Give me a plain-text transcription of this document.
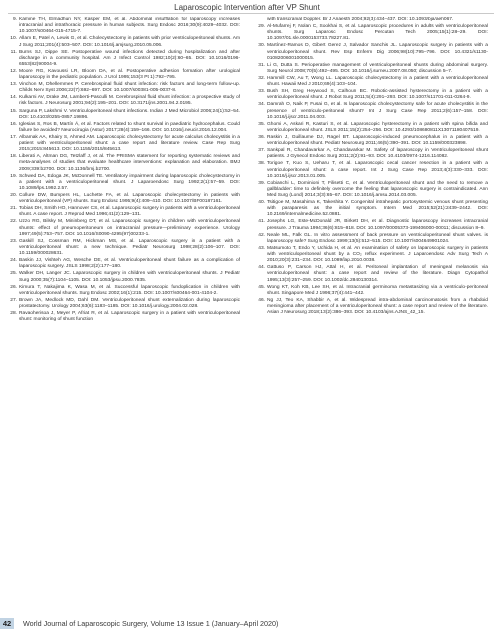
Laparoscopic Intervention after VP Shunt
9. Kamine TH, Elmadhun NY, Kasper EM, et al. Abdominal insufflation for laparoscopy increases intracranial and intrathoracic pressure in human subjects. Surg Endosc 2016;30(9):4029–4032. DOI: 10.1007/s00464-015-4715-7.
10. Allam E, Patel A, Lewis G, et al. Cholecystectomy in patients with prior ventriculoperitoneal shunts. Am J Surg 2011;201(4):503–507. DOI: 10.1016/j.amjsurg.2010.05.006.
11. Burns SJ, Dippe SE. Postoperative wound infections detected during hospitalization and after discharge in a community hospital. Am J Infect Control 1982;10(2):60–65. DOI: 10.1016/0196-6553(82)90004-9.
12. Moore RG, Kavoussi LR, Bloom DA, et al. Postoperative adhesion formation after urological laparoscopy in the pediatric population. J Urol 1995;153(3 Pt 1):792–795.
13. Vinchon M, Dhellemmes P. Cerebrospinal fluid shunt infection: risk factors and long-term follow-up. Childs Nerv Syst 2006;22(7):692–697. DOI: 10.1007/s00381-005-0037-8.
14. Kulkarni AV, Drake JM, Lamberti-Pasculli M. Cerebrospinal fluid shunt infection: a prospective study of risk factors. J Neurosurg 2001;94(2):195–201. DOI: 10.3171/jns.2001.94.2.0195.
15. Sarguna P, Lakshmi V. Ventriculoperitoneal shunt infections. Indian J Med Microbiol 2006;24(1):52–54. DOI: 10.4103/0255-0857.19896.
16. Iglesias S, Ros B, Martín Á, et al. Factors related to shunt survival in paediatric hydrocephalus. Could failure be avoided? Neurocirugia (Astur) 2017;28(4):159–166. DOI: 10.1016/j.neucir.2016.12.004.
17. Albamak AA, Khairy S, Ahmed AM. Laparoscopic cholecystectomy for acute calculus cholecystitis in a patient with ventriculoperitoneal shunt: a case report and literature review. Case Rep Surg 2015;2015:845613. DOI: 10.1155/2015/845613.
18. Liberati A, Altman DG, Tetzlaff J, et al. The PRISMA statement for reporting systematic reviews and meta-analyses of studies that evaluate healthcare interventions: explanation and elaboration. BMJ 2009;339:b2700. DOI: 10.1136/bmj.b2700.
19. Schwed DA, Edoga JK, McDonnell TE. Ventilatory impairment during laparoscopic cholecystectomy in a patient with a ventriculoperitoneal shunt. J Laparoendosc Surg 1992;2(1):57–59. DOI: 10.1089/lps.1992.2.57.
20. Collure DW, Bumpers HL, Luchette FA, et al. Laparoscopic cholecystectomy in patients with ventriculoperitoneal (VP) shunts. Surg Endosc 1995;9(4):409–410. DOI: 10.1007/BF00187161.
21. Tobias DH, Smith HO, Hannover CS, et al. Laparoscopic surgery in patients with a ventriculoperitoneal shunt. A case report. J Reprod Med 1996;41(2):129–131.
22. Uzzo RG, Bilsky M, Mininberg DT, et al. Laparoscopic surgery in children with ventriculoperitoneal shunts: effect of pneumoperitoneum on intracranial pressure—preliminary experience. Urology 1997;49(5):753–757. DOI: 10.1016/S0090-4295(97)00233-1.
23. Gaskill SJ, Cossman RM, Hickman MS, et al. Laparoscopic surgery in a patient with a ventriculoperitoneal shunt: a new technique. Pediatr Neurosurg 1998;28(2):106–107. DOI: 10.1159/000028631.
24. Baskin JJ, Vishteh AG, Wesche DE, et al. Ventriculoperitoneal shunt failure as a complication of laparoscopic surgery. JSLS 1998;2(2):177–180.
25. Walker DH, Langer JC. Laparoscopic surgery in children with ventriculoperitoneal shunts. J Pediatr Surg 2000;35(7):1104–1105. DOI: 10.1053/jpsu.2000.7835.
26. Kimura T, Nakajima K, Wasa M, et al. Successful laparoscopic fundoplication in children with ventriculoperitoneal shunts. Surg Endosc 2002;16(1):215. DOI: 10.1007/s00464-001-4104-2.
27. Brown JA, Medlock MD, Dahl DM. Ventriculoperitoneal shunt externalization during laparoscopic prostatectomy. Urology 2004;63(6):1183–1185. DOI: 10.1016/j.urology.2004.02.028.
28. Ravaoherisoa J, Meyer P, Afriat R, et al. Laparoscopic surgery in a patient with ventriculoperitoneal shunt: monitoring of shunt function
with transcranial Doppler. Br J Anaesth 2004;92(3):434–437. DOI: 10.1093/bja/aeh067.
29. Al-Mufarrej F, Nolan C, Sookhai S, et al. Laparoscopic procedures in adults with ventriculoperitoneal shunts. Surg Laparosc Endosc Percutan Tech 2005;15(1):28–29. DOI: 10.1097/01.sle.0000153733.78227.81.
30. Martínez-Ramos D, Gibert Gerez J, Salvador Sanchis JL. Laparoscopic surgery in patients with a ventriculoperitoneal shunt. Rev Esp Enferm Dig 2006;98(10):795–796. DOI: 10.4321/s1130-01082006001000015.
31. Li G, Dutta S. Perioperative management of ventriculoperitoneal shunts during abdominal surgery. Surg Neurol 2008;70(5):492–495. DOI: 10.1016/j.surneu.2007.08.050; discussion 5–7.
32. Hammill CW, Au T, Wong LL. Laparoscopic cholecystectomy in a patient with a ventriculoperitoneal shunt. Hawaii Med J 2010;69(4):103–104.
33. Bush SH, Greg Heywood S, Calhoun BC. Robotic-assisted hysterectomy in a patient with a ventriculoperitoneal shunt. J Robot Surg 2011;5(4):291–293. DOI: 10.1007/s11701-011-0264-9.
34. Damrah O, Naik P, Fusai G, et al. Is laparoscopic cholecystectomy safe for acute cholecystitis in the presence of ventriculo-peritoneal shunt? Int J Surg Case Rep 2011;2(6):157–158. DOI: 10.1016/j.ijscr.2011.04.003.
35. Ghomi A, Askari R, Kasturi S, et al. Laparoscopic hysterectomy in a patient with spina bifida and ventriculoperitoneal shunt. JSLS 2011;15(2):254–256. DOI: 10.4293/108680811X13071180407519.
36. Raskin J, Guillaume DJ, Ragel BT. Laparoscopic-induced pneumocephalus in a patient with a ventriculoperitoneal shunt. Pediatr Neurosurg 2011;46(5):390–391. DOI: 10.1159/000323898.
37. Sankpal R, Chandavarkar A, Chandavarkar M. Safety of laparoscopy in Ventriculoperitoneal shunt patients. J Gynecol Endosc Surg 2011;2(2):91–93. DOI: 10.4103/0974-1216.114082.
38. Torigoe T, Kuo S, Ueharu T, et al. Laparoscopic cecal cancer resection in a patient with a ventriculoperitoneal shunt: a case report. Int J Surg Case Rep 2013;4(3):330–333. DOI: 10.1016/j.ijscr.2013.01.005.
39. Cobianchi L, Dominioni T, Filisetti C, et al. Ventriculoperitoneal shunt and the need to remove a gallbladder: time to definitely overcome the feeling that laparoscopic surgery is contraindicated. Ann Med Surg (Lond) 2014;3(3):65–67. DOI: 10.1016/j.amsu.2014.03.005.
40. Tsitigoe M, Masahima K, Takeshita Y. Congenital intrahepatic portosystemic venous shunt presenting with paraparesis as the initial symptom. Intern Med 2015;52(21):2439–2442. DOI: 10.2169/internalmedicine.52.0881.
41. Josephs LG, Este-McDonald JR, Birkett DH, et al. Diagnostic laparoscopy increases intracranial pressure. J Trauma 1994;36(6):815–818. DOI: 10.1097/00005373-199406000-00011; discussion 8–9.
42. Neale ML, Falk GL. In vitro assessment of back pressure on ventriculoperitoneal shunt valves. is laparoscopy safe? Surg Endosc 1999;13(5):512–515. DOI: 10.1007/s004649901024.
43. Matsumoto T, Endo Y, Uchida H, et al. An examination of safety on laparoscopic surgery in patients with ventriculoperitoneal shunt by a CO₂ reflux experiment. J Laparoendosc Adv Surg Tech A 2010;20(3):231–234. DOI: 10.1089/lap.2010.0038.
44. Gattuso P, Carson HJ, Attal H, et al. Peritoneal implantation of meningeal melanosis via ventriculoperitoneal shunt: a case report and review of the literature. Diagn Cytopathol 1995;13(3):257–259. DOI: 10.1002/dc.2840130314.
45. Wong KT, Koh KB, Lee SH, et al. Intracranial germinoma metastasizing via a ventriculo-peritoneal shunt. Singapore Med J 1996;37(4):441–442.
46. Ng JJ, Teo KA, Shabbir A, et al. Widespread intra-abdominal carcinomatosis from a rhabdoid meningioma after placement of a ventriculoperitoneal shunt: a case report and review of the literature. Asian J Neurosurg 2018;13(2):386–393. DOI: 10.4103/ajns.AJNS_42_15.
42	World Journal of Laparoscopic Surgery, Volume 13 Issue 1 (January–April 2020)
